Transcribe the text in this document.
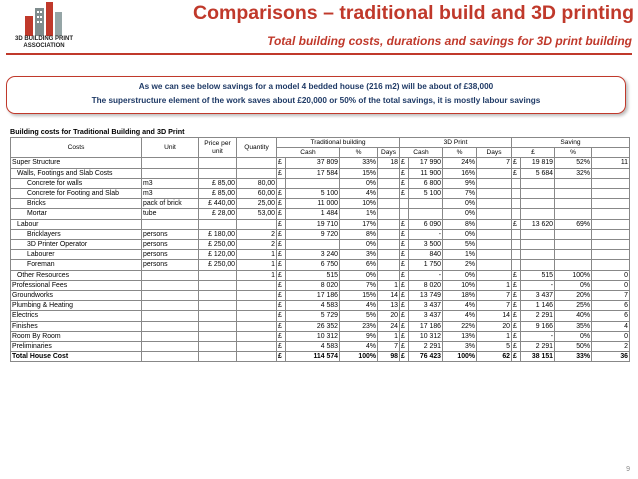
3D BUILDING PRINT
ASSOCIATION
Comparisons – traditional build and 3D printing
Total building costs, durations and savings for 3D print building
As we can see below savings for a model 4 bedded house (216 m2) will be about of £38,000
The superstructure element of the work saves about £20,000 or 50% of the total savings, it is mostly labour savings
Building costs for Traditional Building and 3D Print
Costs	Unit	Price per
unit	Quantity	Traditional building				3D Print				Saving			
				Cash		%	Days	Cash		%	Days	£		%	
Super Structure				£	37 809	33%	18	£	17 990	24%	7	£	19 819	52%	11
Walls, Footings and Slab Costs				£	17 584	15%		£	11 900	16%		£	5 684	32%	
Concrete for walls	m3	£ 85,00	80,00			0%		£	6 800	9%					
Concrete for Footing and Slab	m3	£ 85,00	60,00	£	5 100	4%		£	5 100	7%					
Bricks	pack of brick	£ 440,00	25,00	£	11 000	10%				0%					
Mortar	tube	£ 28,00	53,00	£	1 484	1%				0%					
Labour				£	19 710	17%		£	6 090	8%		£	13 620	69%	
Bricklayers	persons	£ 180,00	2	£	9 720	8%		£	-	0%					
3D Printer Operator	persons	£ 250,00	2	£		0%		£	3 500	5%					
Labourer	persons	£ 120,00	1	£	3 240	3%		£	840	1%					
Foreman	persons	£ 250,00	1	£	6 750	6%		£	1 750	2%					
Other Resources			1	£	515	0%		£	-	0%		£	515	100%	0
Professional Fees				£	8 020	7%	1	£	8 020	10%	1	£	-	0%	0
Groundworks				£	17 186	15%	14	£	13 749	18%	7	£	3 437	20%	7
Plumbing & Heating				£	4 583	4%	13	£	3 437	4%	7	£	1 146	25%	6
Electrics				£	5 729	5%	20	£	3 437	4%	14	£	2 291	40%	6
Finishes				£	26 352	23%	24	£	17 186	22%	20	£	9 166	35%	4
Room By Room				£	10 312	9%	1	£	10 312	13%	1	£	-	0%	0
Preliminaries				£	4 583	4%	7	£	2 291	3%	5	£	2 291	50%	2
Total House Cost				£	114 574	100%	98	£	76 423	100%	62	£	38 151	33%	36
9
